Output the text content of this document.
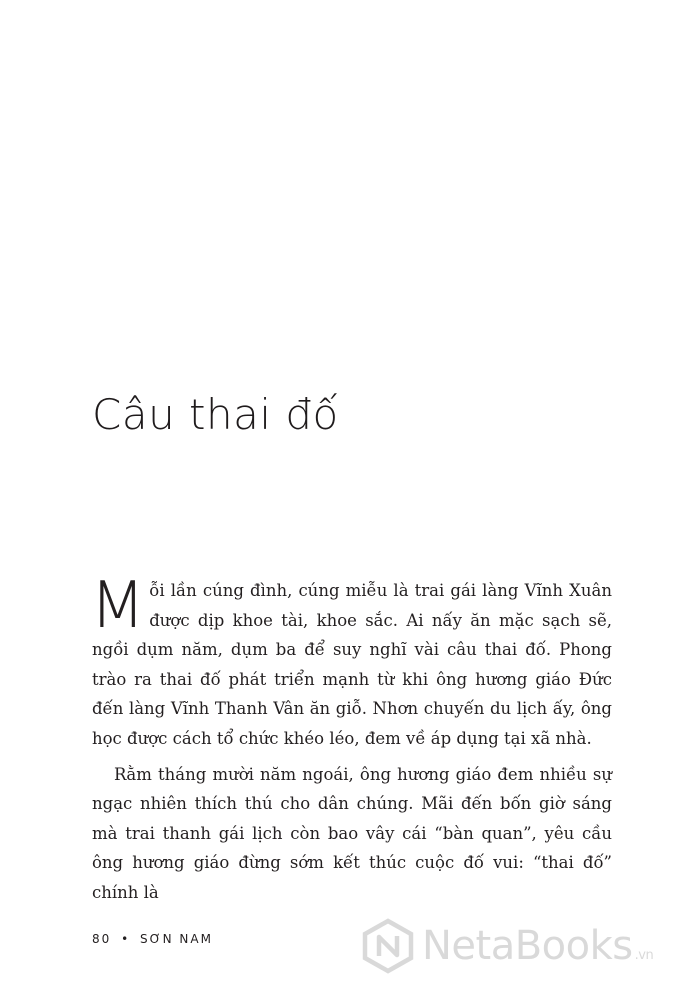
Câu thai đố

Mỗi lần cúng đình, cúng miễu là trai gái làng Vĩnh Xuân được dịp khoe tài, khoe sắc. Ai nấy ăn mặc sạch sẽ, ngồi dụm năm, dụm ba để suy nghĩ vài câu thai đố. Phong trào ra thai đố phát triển mạnh từ khi ông hương giáo Đức đến làng Vĩnh Thanh Vân ăn giỗ. Nhơn chuyến du lịch ấy, ông học được cách tổ chức khéo léo, đem về áp dụng tại xã nhà.

Rằm tháng mười năm ngoái, ông hương giáo đem nhiều sự ngạc nhiên thích thú cho dân chúng. Mãi đến bốn giờ sáng mà trai thanh gái lịch còn bao vây cái “bàn quan”, yêu cầu ông hương giáo đừng sớm kết thúc cuộc đố vui: “thai đố” chính là

80 • SƠN NAM	NetaBooks .vn
